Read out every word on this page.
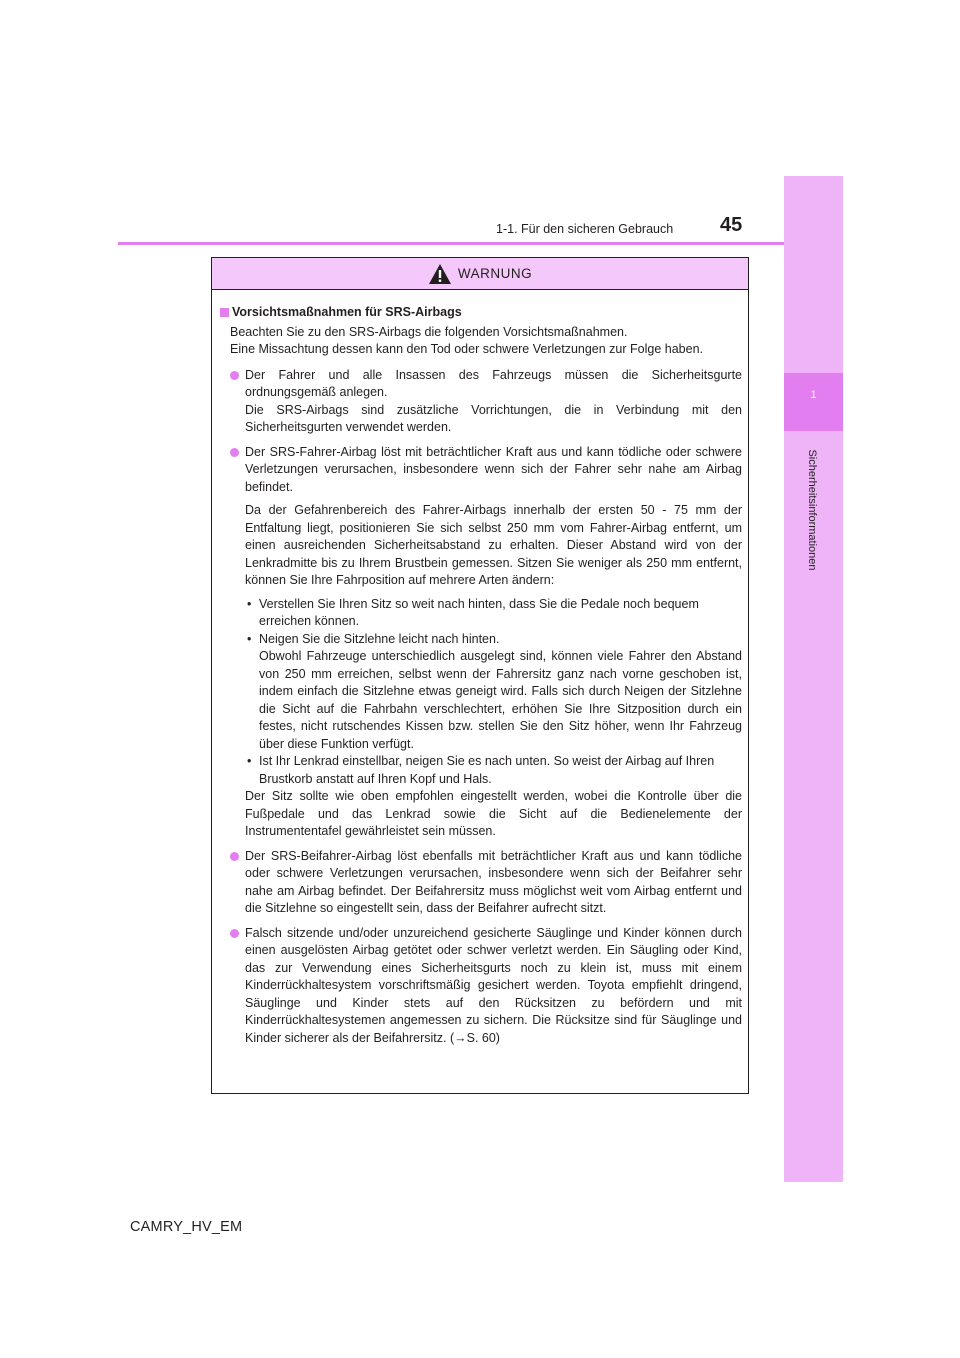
1
Sicherheitsinformationen
1-1. Für den sicheren Gebrauch 45
WARNUNG
Vorsichtsmaßnahmen für SRS-Airbags

Beachten Sie zu den SRS-Airbags die folgenden Vorsichtsmaßnahmen.

Eine Missachtung dessen kann den Tod oder schwere Verletzungen zur Folge haben.

Der Fahrer und alle Insassen des Fahrzeugs müssen die Sicherheitsgurte ordnungsgemäß anlegen.

Die SRS-Airbags sind zusätzliche Vorrichtungen, die in Verbindung mit den Sicherheitsgurten verwendet werden.

Der SRS-Fahrer-Airbag löst mit beträchtlicher Kraft aus und kann tödliche oder schwere Verletzungen verursachen, insbesondere wenn sich der Fahrer sehr nahe am Airbag befindet.

Da der Gefahrenbereich des Fahrer-Airbags innerhalb der ersten 50 - 75 mm der Entfaltung liegt, positionieren Sie sich selbst 250 mm vom Fahrer-Airbag entfernt, um einen ausreichenden Sicherheitsabstand zu erhalten. Dieser Abstand wird von der Lenkradmitte bis zu Ihrem Brustbein gemessen. Sitzen Sie weniger als 250 mm entfernt, können Sie Ihre Fahrposition auf mehrere Arten ändern:

• Verstellen Sie Ihren Sitz so weit nach hinten, dass Sie die Pedale noch bequem erreichen können.
• Neigen Sie die Sitzlehne leicht nach hinten.

Obwohl Fahrzeuge unterschiedlich ausgelegt sind, können viele Fahrer den Abstand von 250 mm erreichen, selbst wenn der Fahrersitz ganz nach vorne geschoben ist, indem einfach die Sitzlehne etwas geneigt wird. Falls sich durch Neigen der Sitzlehne die Sicht auf die Fahrbahn verschlechtert, erhöhen Sie Ihre Sitzposition durch ein festes, nicht rutschendes Kissen bzw. stellen Sie den Sitz höher, wenn Ihr Fahrzeug über diese Funktion verfügt.

• Ist Ihr Lenkrad einstellbar, neigen Sie es nach unten. So weist der Airbag auf Ihren Brustkorb anstatt auf Ihren Kopf und Hals.

Der Sitz sollte wie oben empfohlen eingestellt werden, wobei die Kontrolle über die Fußpedale und das Lenkrad sowie die Sicht auf die Bedienelemente der Instrumententafel gewährleistet sein müssen.

Der SRS-Beifahrer-Airbag löst ebenfalls mit beträchtlicher Kraft aus und kann tödliche oder schwere Verletzungen verursachen, insbesondere wenn sich der Beifahrer sehr nahe am Airbag befindet. Der Beifahrersitz muss möglichst weit vom Airbag entfernt und die Sitzlehne so eingestellt sein, dass der Beifahrer aufrecht sitzt.

Falsch sitzende und/oder unzureichend gesicherte Säuglinge und Kinder können durch einen ausgelösten Airbag getötet oder schwer verletzt werden. Ein Säugling oder Kind, das zur Verwendung eines Sicherheitsgurts noch zu klein ist, muss mit einem Kinderrückhaltesystem vorschriftsmäßig gesichert werden. Toyota empfiehlt dringend, Säuglinge und Kinder stets auf den Rücksitzen zu befördern und mit Kinderrückhaltesystemen angemessen zu sichern. Die Rücksitze sind für Säuglinge und Kinder sicherer als der Beifahrersitz. (→S. 60)

CAMRY_HV_EM
